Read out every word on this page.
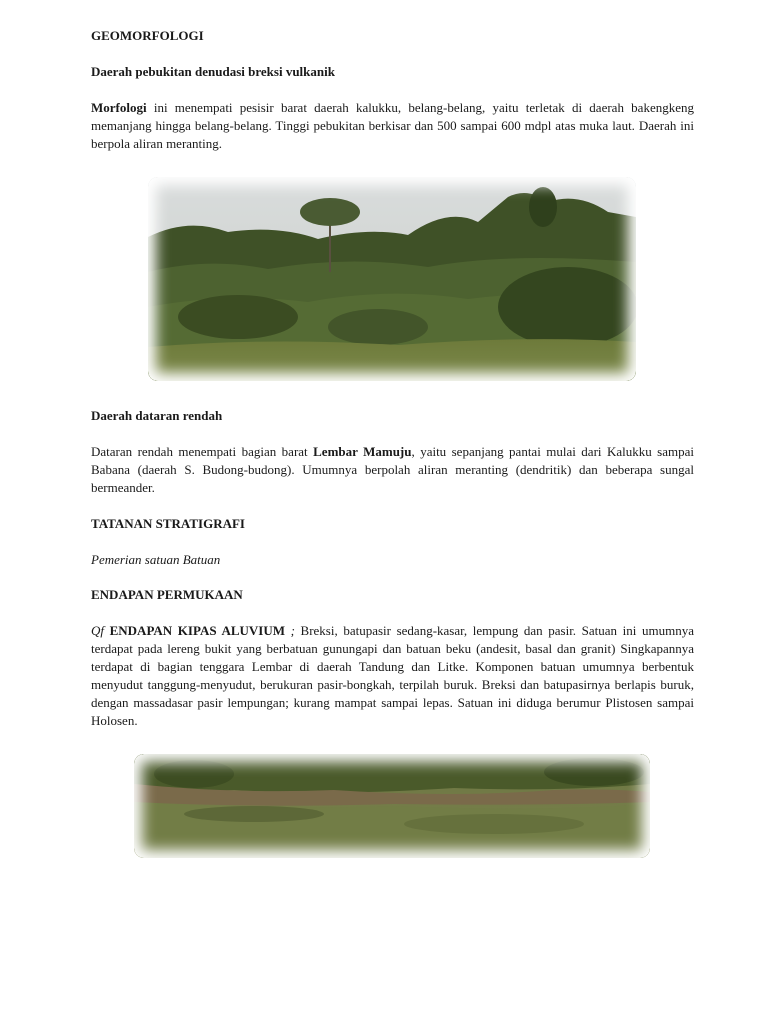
GEOMORFOLOGI

Daerah pebukitan denudasi breksi vulkanik

Morfologi ini menempati pesisir barat daerah kalukku, belang-belang, yaitu terletak di daerah bakengkeng memanjang hingga belang-belang. Tinggi pebukitan berkisar dan 500 sampai 600 mdpl atas muka laut. Daerah ini berpola aliran meranting.

Daerah dataran rendah

Dataran rendah menempati bagian barat Lembar Mamuju, yaitu sepanjang pantai mulai dari Kalukku sampai Babana (daerah S. Budong-budong). Umumnya berpolah aliran meranting (dendritik) dan beberapa sungal bermeander.

TATANAN STRATIGRAFI

Pemerian satuan Batuan

ENDAPAN PERMUKAAN

Qf ENDAPAN KIPAS ALUVIUM ; Breksi, batupasir sedang-kasar, lempung dan pasir. Satuan ini umumnya terdapat pada lereng bukit yang berbatuan gunungapi dan batuan beku (andesit, basal dan granit) Singkapannya terdapat di bagian tenggara Lembar di daerah Tandung dan Litke. Komponen batuan umumnya berbentuk menyudut tanggung-menyudut, berukuran pasir-bongkah, terpilah buruk. Breksi dan batupasirnya berlapis buruk, dengan massadasar pasir lempungan; kurang mampat sampai lepas. Satuan ini diduga berumur Plistosen sampai Holosen.
